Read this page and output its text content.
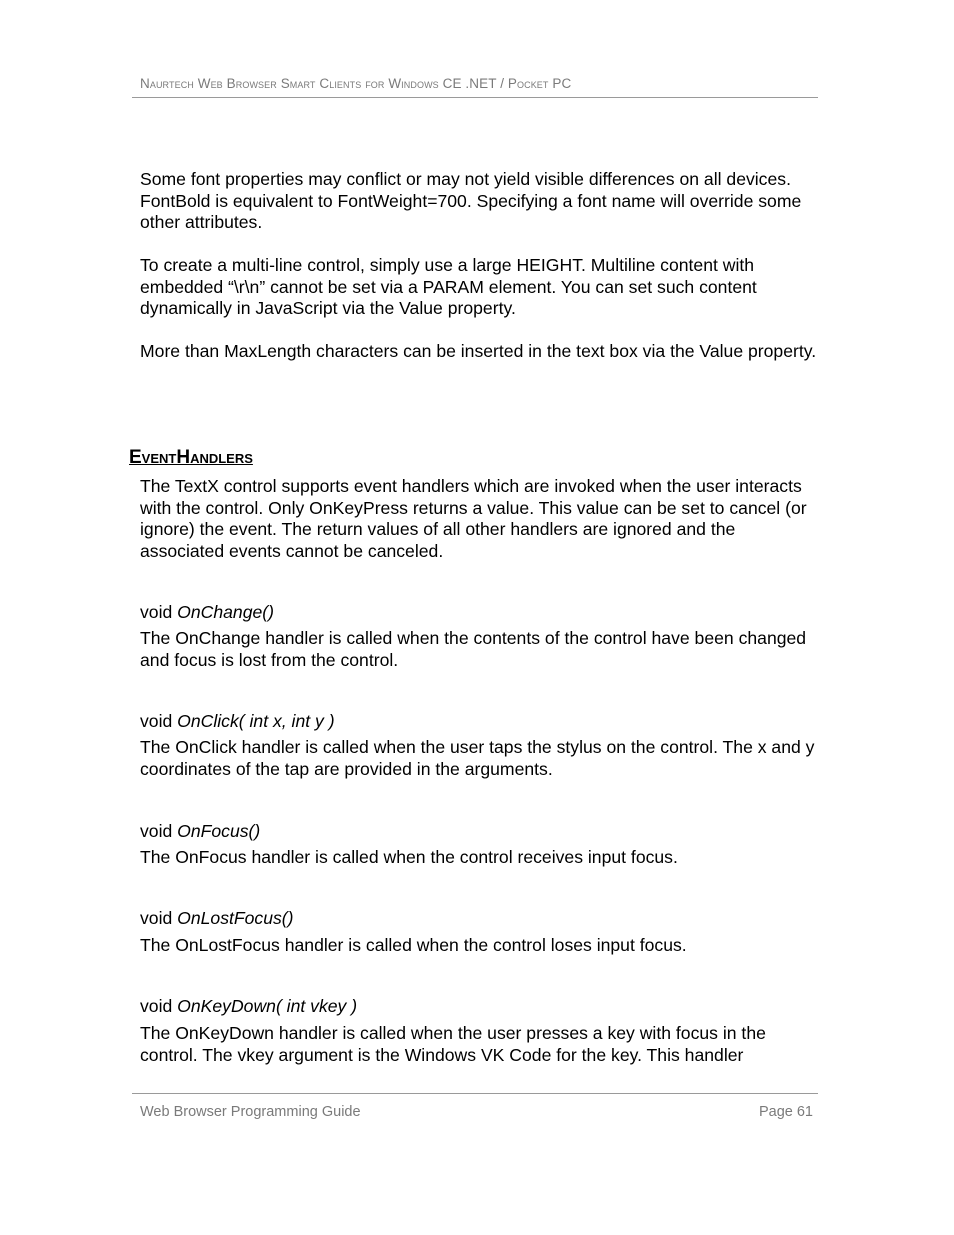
Naurtech Web Browser Smart Clients for Windows CE .NET / Pocket PC

Some font properties may conflict or may not yield visible differences on all devices. FontBold is equivalent to FontWeight=700. Specifying a font name will override some other attributes.

To create a multi-line control, simply use a large HEIGHT. Multiline content with embedded “\r\n” cannot be set via a PARAM element. You can set such content dynamically in JavaScript via the Value property.

More than MaxLength characters can be inserted in the text box via the Value property.

EventHandlers

The TextX control supports event handlers which are invoked when the user interacts with the control. Only OnKeyPress returns a value. This value can be set to cancel (or ignore) the event. The return values of all other handlers are ignored and the associated events cannot be canceled.

void OnChange()

The OnChange handler is called when the contents of the control have been changed and focus is lost from the control.

void OnClick( int x, int y )

The OnClick handler is called when the user taps the stylus on the control. The x and y coordinates of the tap are provided in the arguments.

void OnFocus()

The OnFocus handler is called when the control receives input focus.

void OnLostFocus()

The OnLostFocus handler is called when the control loses input focus.

void OnKeyDown( int vkey )

The OnKeyDown handler is called when the user presses a key with focus in the control. The vkey argument is the Windows VK Code for the key. This handler

Web Browser Programming Guide	Page 61
